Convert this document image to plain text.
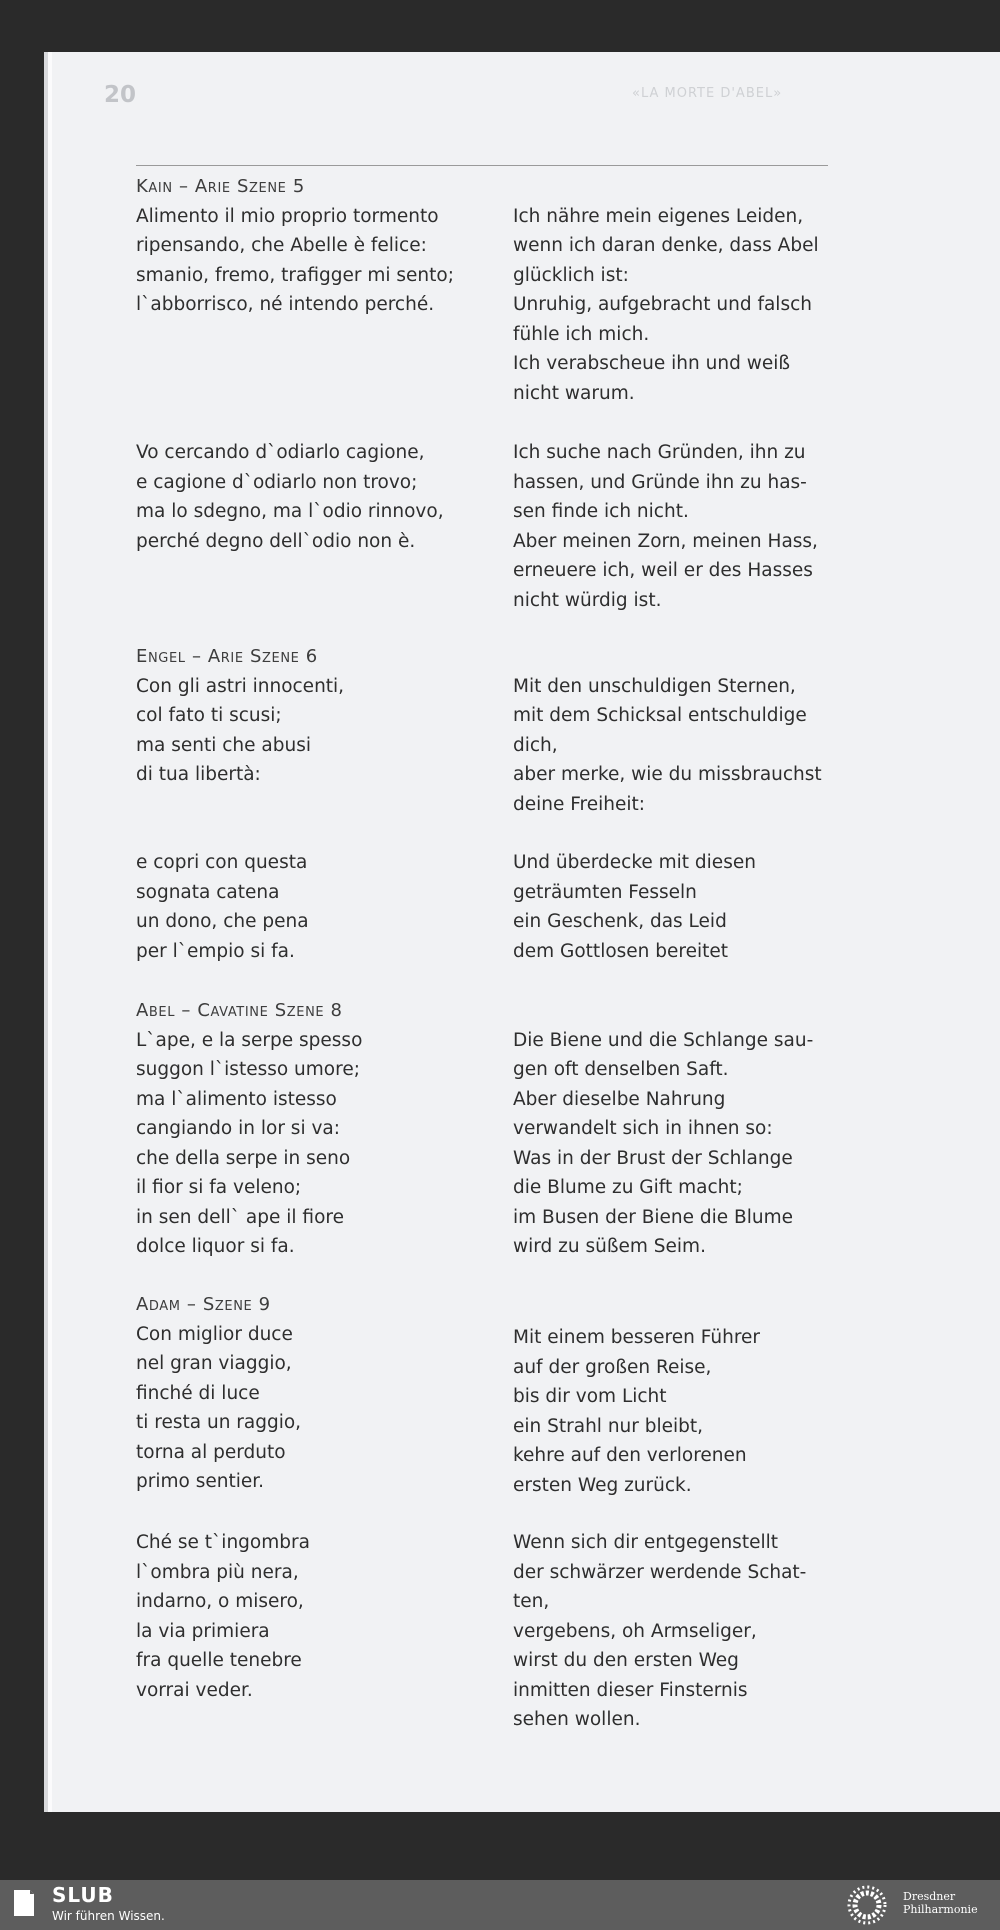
20	«LA MORTE D'ABEL»
Kain – Arie Szene 5
Alimento il mio proprio tormento
ripensando, che Abelle è felice:
smanio, fremo, trafigger mi sento;
l`abborrisco, né intendo perché.
Ich nähre mein eigenes Leiden,
wenn ich daran denke, dass Abel
glücklich ist:
Unruhig, aufgebracht und falsch
fühle ich mich.
Ich verabscheue ihn und weiß
nicht warum.
Vo cercando d`odiarlo cagione,
e cagione d`odiarlo non trovo;
ma lo sdegno, ma l`odio rinnovo,
perché degno dell`odio non è.
Ich suche nach Gründen, ihn zu
hassen, und Gründe ihn zu has-
sen finde ich nicht.
Aber meinen Zorn, meinen Hass,
erneuere ich, weil er des Hasses
nicht würdig ist.
Engel – Arie Szene 6
Con gli astri innocenti,
col fato ti scusi;
ma senti che abusi
di tua libertà:
Mit den unschuldigen Sternen,
mit dem Schicksal entschuldige
dich,
aber merke, wie du missbrauchst
deine Freiheit:
e copri con questa
sognata catena
un dono, che pena
per l`empio si fa.
Und überdecke mit diesen
geträumten Fesseln
ein Geschenk, das Leid
dem Gottlosen bereitet
Abel – Cavatine Szene 8
L`ape, e la serpe spesso
suggon l`istesso umore;
ma l`alimento istesso
cangiando in lor si va:
che della serpe in seno
il fior si fa veleno;
in sen dell` ape il fiore
dolce liquor si fa.
Die Biene und die Schlange sau-
gen oft denselben Saft.
Aber dieselbe Nahrung
verwandelt sich in ihnen so:
Was in der Brust der Schlange
die Blume zu Gift macht;
im Busen der Biene die Blume
wird zu süßem Seim.
Adam – Szene 9
Con miglior duce
nel gran viaggio,
finché di luce
ti resta un raggio,
torna al perduto
primo sentier.
Mit einem besseren Führer
auf der großen Reise,
bis dir vom Licht
ein Strahl nur bleibt,
kehre auf den verlorenen
ersten Weg zurück.
Ché se t`ingombra
l`ombra più nera,
indarno, o misero,
la via primiera
fra quelle tenebre
vorrai veder.
Wenn sich dir entgegenstellt
der schwärzer werdende Schat-
ten,
vergebens, oh Armseliger,
wirst du den ersten Weg
inmitten dieser Finsternis
sehen wollen.
SLUB
Wir führen Wissen.
Dresdner
Philharmonie
